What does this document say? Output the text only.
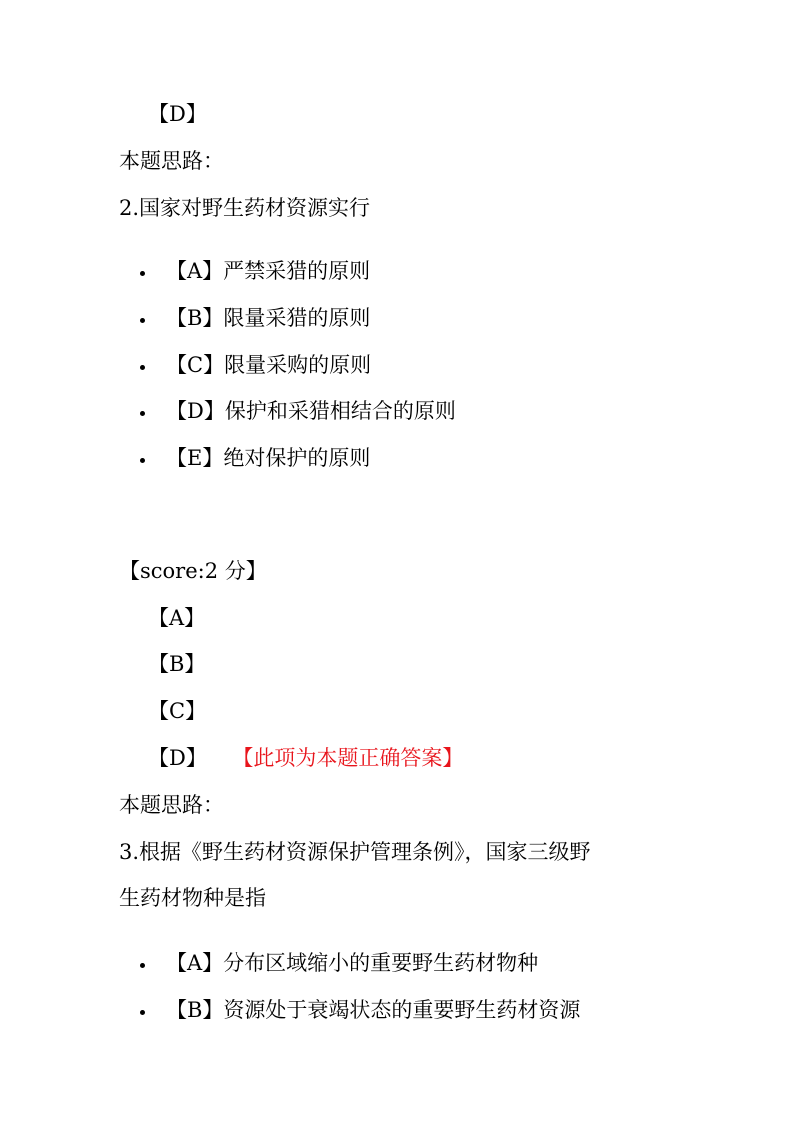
【D】
本题思路：
2.国家对野生药材资源实行
【A】严禁采猎的原则
【B】限量采猎的原则
【C】限量采购的原则
【D】保护和采猎相结合的原则
【E】绝对保护的原则
【score:2 分】
【A】
【B】
【C】
【D】 【此项为本题正确答案】
本题思路：
3.根据《野生药材资源保护管理条例》，国家三级野
生药材物种是指
【A】分布区域缩小的重要野生药材物种
【B】资源处于衰竭状态的重要野生药材资源
